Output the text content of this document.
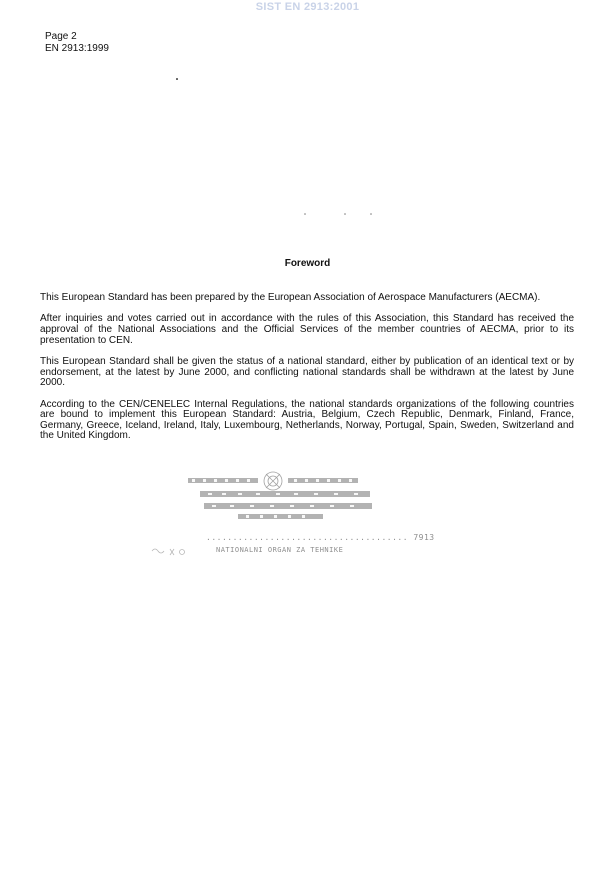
SIST EN 2913:2001
Page 2
EN 2913:1999
Foreword

This European Standard has been prepared by the European Association of Aerospace Manufacturers (AECMA).

After inquiries and votes carried out in accordance with the rules of this Association, this Standard has received the approval of the National Associations and the Official Services of the member countries of AECMA, prior to its presentation to CEN.

This European Standard shall be given the status of a national standard, either by publication of an identical text or by endorsement, at the latest by June 2000, and conflicting national standards shall be withdrawn at the latest by June 2000.

According to the CEN/CENELEC Internal Regulations, the national standards organizations of the following countries are bound to implement this European Standard: Austria, Belgium, Czech Republic, Denmark, Finland, France, Germany, Greece, Iceland, Ireland, Italy, Luxembourg, Netherlands, Norway, Portugal, Spain, Sweden, Switzerland and the United Kingdom.

...................................... 7913
NATIONALNI ORGAN ZA TEHNIKE
